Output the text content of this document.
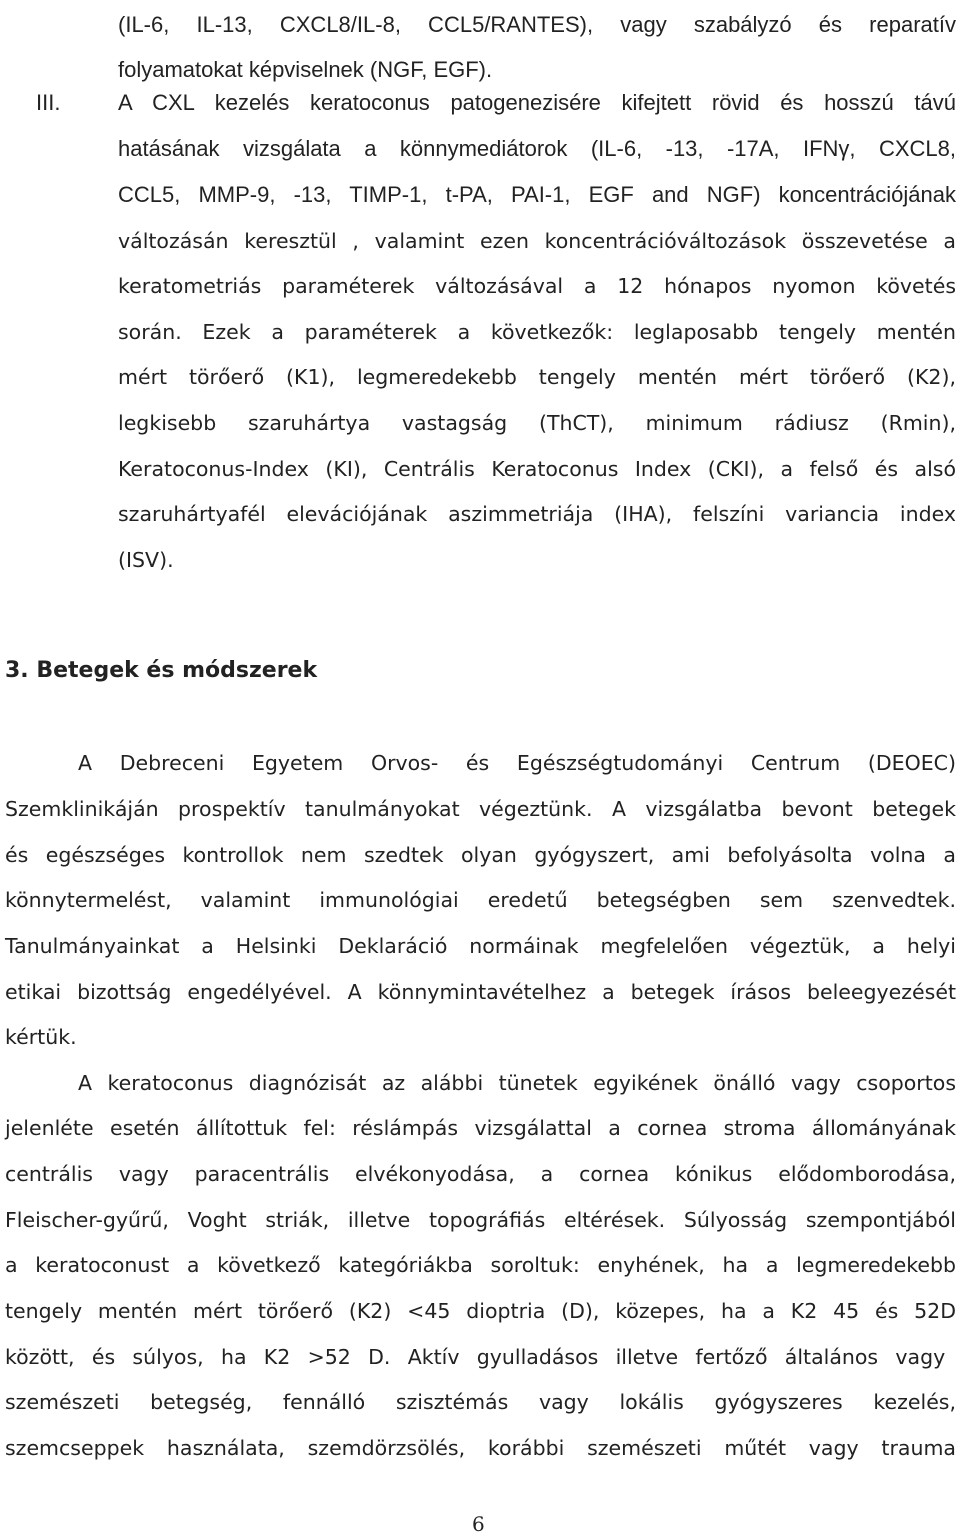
(IL-6, IL-13, CXCL8/IL-8, CCL5/RANTES), vagy szabályzó és reparatív
folyamatokat képviselnek (NGF, EGF).
III.	A CXL kezelés keratoconus patogenezisére kifejtett rövid és hosszú távú
hatásának vizsgálata a könnymediátorok (IL-6, -13, -17A, IFNγ, CXCL8,
CCL5, MMP-9, -13, TIMP-1, t-PA, PAI-1, EGF and NGF) koncentrációjának
változásán keresztül , valamint ezen koncentrációváltozások összevetése a
keratometriás paraméterek változásával a 12 hónapos nyomon követés
során. Ezek a paraméterek a következők: leglaposabb tengely mentén
mért törőerő (K1), legmeredekebb tengely mentén mért törőerő (K2),
legkisebb szaruhártya vastagság (ThCT), minimum rádiusz (Rmin),
Keratoconus-Index (KI), Centrális Keratoconus Index (CKI), a felső és alsó
szaruhártyafél elevációjának aszimmetriája (IHA), felszíni variancia index
(ISV).
3. Betegek és módszerek
A Debreceni Egyetem Orvos- és Egészségtudományi Centrum (DEOEC)
Szemklinikáján prospektív tanulmányokat végeztünk. A vizsgálatba bevont betegek
és egészséges kontrollok nem szedtek olyan gyógyszert, ami befolyásolta volna a
könnytermelést, valamint immunológiai eredetű betegségben sem szenvedtek.
Tanulmányainkat a Helsinki Deklaráció normáinak megfelelően végeztük, a helyi
etikai bizottság engedélyével. A könnymintavételhez a betegek írásos beleegyezését
kértük.
A keratoconus diagnózisát az alábbi tünetek egyikének önálló vagy csoportos
jelenléte esetén állítottuk fel: réslámpás vizsgálattal a cornea stroma állományának
centrális vagy paracentrális elvékonyodása, a cornea kónikus elődomborodása,
Fleischer-gyűrű, Voght striák, illetve topográfiás eltérések. Súlyosság szempontjából
a keratoconust a következő kategóriákba soroltuk: enyhének, ha a legmeredekebb
tengely mentén mért törőerő (K2) <45 dioptria (D), közepes, ha a K2 45 és 52D
között, és súlyos, ha K2 >52 D. Aktív gyulladásos illetve fertőző általános vagy
szemészeti betegség, fennálló szisztémás vagy lokális gyógyszeres kezelés,
szemcseppek használata, szemdörzsölés, korábbi szemészeti műtét vagy trauma
6
